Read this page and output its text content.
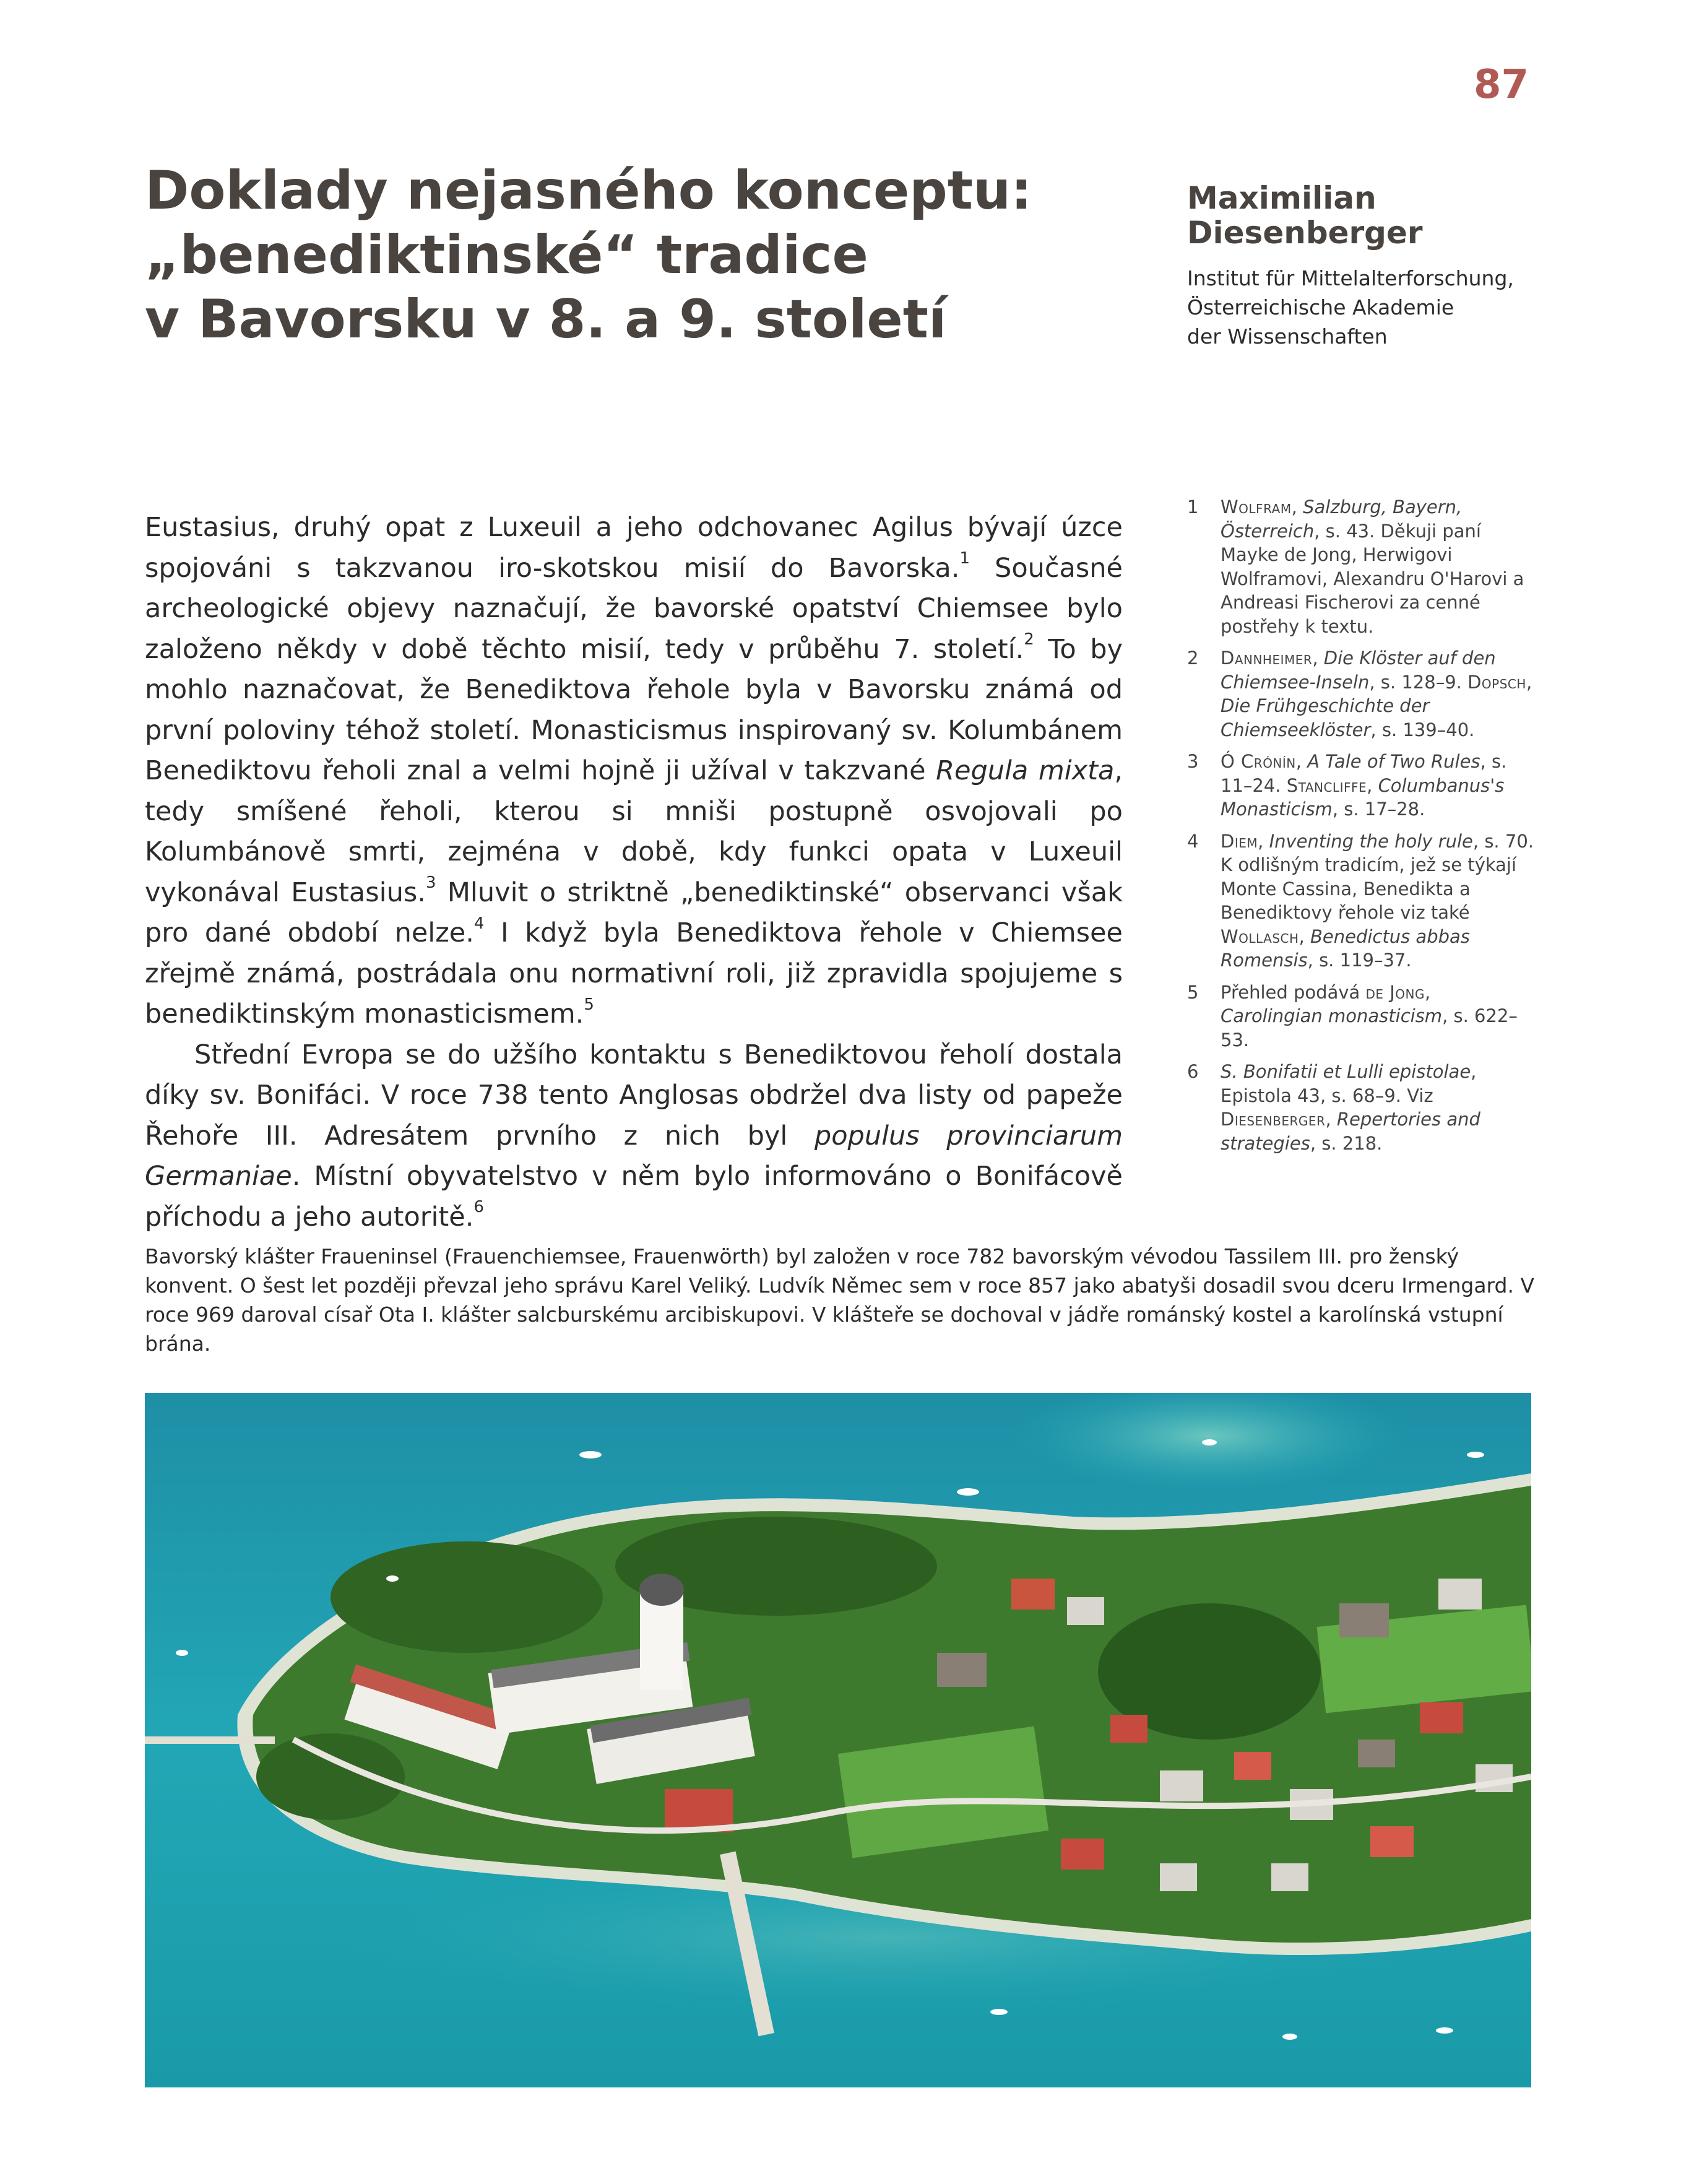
87
Doklady nejasného konceptu:
„benediktinské“ tradice
v Bavorsku v 8. a 9. století
Maximilian
Diesenberger
Institut für Mittelalterforschung,
Österreichische Akademie
der Wissenschaften

Eustasius, druhý opat z Luxeuil a jeho odchovanec Agilus bývají úzce spojováni s takzvanou iro-skotskou misií do Bavorska.$^1$ Současné archeologické objevy naznačují, že bavorské opatství Chiemsee bylo založeno někdy v době těchto misií, tedy v průběhu 7. století.$^2$ To by mohlo naznačovat, že Benediktova řehole byla v Bavorsku známá od první poloviny téhož století. Monasticismus inspirovaný sv. Kolumbánem Benediktovu řeholi znal a velmi hojně ji užíval v takzvané Regula mixta, tedy smíšené řeholi, kterou si mniši postupně osvojovali po Kolumbánově smrti, zejména v době, kdy funkci opata v Luxeuil vykonával Eustasius.$^3$ Mluvit o striktně „benediktinské“ observanci však pro dané období nelze.$^4$ I když byla Benediktova řehole v Chiemsee zřejmě známá, postrádala onu normativní roli, již zpravidla spojujeme s benediktinským monasticismem.$^5$

Střední Evropa se do užšího kontaktu s Benediktovou řeholí dostala díky sv. Bonifáci. V roce 738 tento Anglosas obdržel dva listy od papeže Řehoře III. Adresátem prvního z nich byl populus provinciarum Germaniae. Místní obyvatelstvo v něm bylo informováno o Bonifácově příchodu a jeho autoritě.$^6$

1 Wolfram, Salzburg, Bayern, Österreich, s. 43. Děkuji paní Mayke de Jong, Herwigovi Wolframovi, Alexandru O'Harovi a Andreasi Fischerovi za cenné postřehy k textu.
2 Dannheimer, Die Klöster auf den Chiemsee-Inseln, s. 128–9. Dopsch, Die Frühgeschichte der Chiemseeklöster, s. 139–40.
3 Ó Crónín, A Tale of Two Rules, s. 11–24. Stancliffe, Columbanus's Monasticism, s. 17–28.
4 Diem, Inventing the holy rule, s. 70. K odlišným tradicím, jež se týkají Monte Cassina, Benedikta a Benediktovy řehole viz také Wollasch, Benedictus abbas Romensis, s. 119–37.
5 Přehled podává de Jong, Carolingian monasticism, s. 622–53.
6 S. Bonifatii et Lulli epistolae, Epistola 43, s. 68–9. Viz Diesenberger, Repertories and strategies, s. 218.
Bavorský klášter Fraueninsel (Frauenchiemsee, Frauenwörth) byl založen v roce 782 bavorským vévodou Tassilem III. pro ženský konvent. O šest let později převzal jeho správu Karel Veliký. Ludvík Němec sem v roce 857 jako abatyši dosadil svou dceru Irmengard. V roce 969 daroval císař Ota I. klášter salcburskému arcibiskupovi. V klášteře se dochoval v jádře románský kostel a karolínská vstupní brána.
